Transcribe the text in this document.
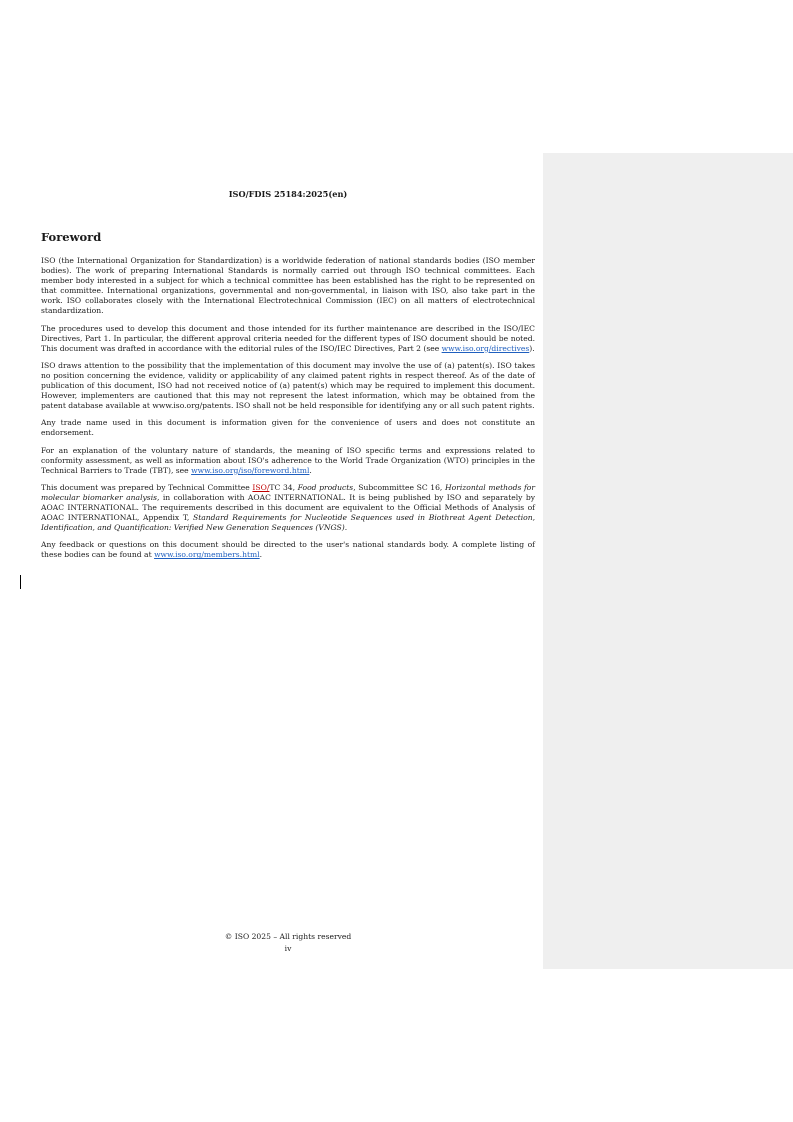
ISO/FDIS 25184:2025(en)
Foreword

ISO (the International Organization for Standardization) is a worldwide federation of national standards bodies (ISO member bodies). The work of preparing International Standards is normally carried out through ISO technical committees. Each member body interested in a subject for which a technical committee has been established has the right to be represented on that committee. International organizations, governmental and non-governmental, in liaison with ISO, also take part in the work. ISO collaborates closely with the International Electrotechnical Commission (IEC) on all matters of electrotechnical standardization.

The procedures used to develop this document and those intended for its further maintenance are described in the ISO/IEC Directives, Part 1. In particular, the different approval criteria needed for the different types of ISO document should be noted. This document was drafted in accordance with the editorial rules of the ISO/IEC Directives, Part 2 (see www.iso.org/directives).

ISO draws attention to the possibility that the implementation of this document may involve the use of (a) patent(s). ISO takes no position concerning the evidence, validity or applicability of any claimed patent rights in respect thereof. As of the date of publication of this document, ISO had not received notice of (a) patent(s) which may be required to implement this document. However, implementers are cautioned that this may not represent the latest information, which may be obtained from the patent database available at www.iso.org/patents. ISO shall not be held responsible for identifying any or all such patent rights.

Any trade name used in this document is information given for the convenience of users and does not constitute an endorsement.

For an explanation of the voluntary nature of standards, the meaning of ISO specific terms and expressions related to conformity assessment, as well as information about ISO's adherence to the World Trade Organization (WTO) principles in the Technical Barriers to Trade (TBT), see www.iso.org/iso/foreword.html.

This document was prepared by Technical Committee ISO/TC 34, Food products, Subcommittee SC 16, Horizontal methods for molecular biomarker analysis, in collaboration with AOAC INTERNATIONAL. It is being published by ISO and separately by AOAC INTERNATIONAL. The requirements described in this document are equivalent to the Official Methods of Analysis of AOAC INTERNATIONAL, Appendix T, Standard Requirements for Nucleotide Sequences used in Biothreat Agent Detection, Identification, and Quantification: Verified New Generation Sequences (VNGS).

Any feedback or questions on this document should be directed to the user's national standards body. A complete listing of these bodies can be found at www.iso.org/members.html.

© ISO 2025 – All rights reserved
iv
